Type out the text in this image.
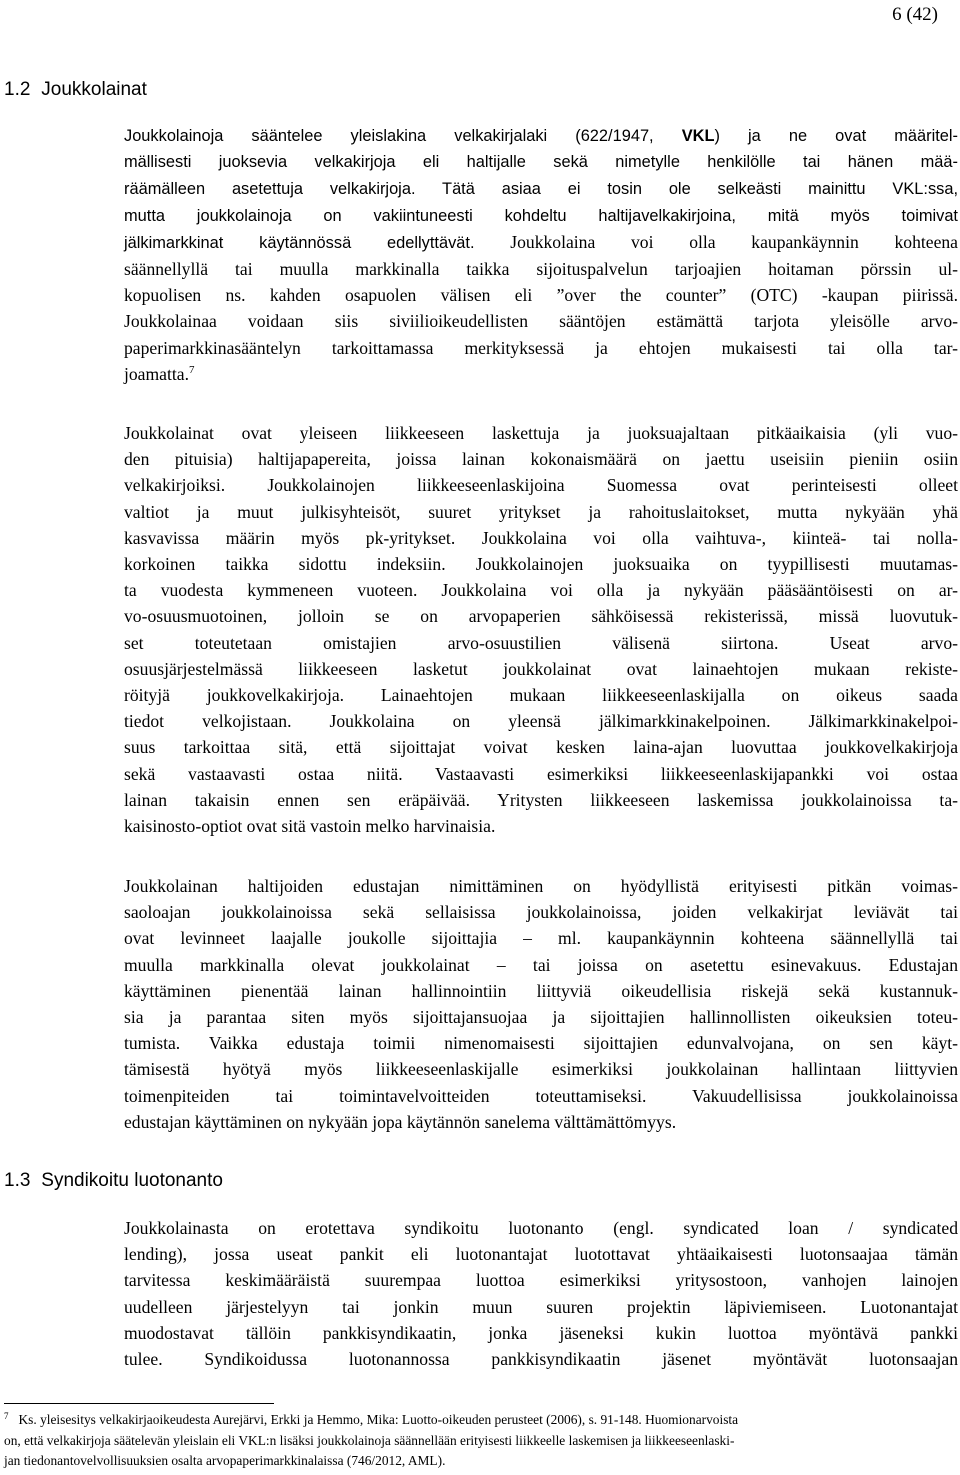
6 (42)
1.2 Joukkolainat
Joukkolainoja sääntelee yleislakina velkakirjalaki (622/1947, VKL) ja ne ovat määritel-
mällisesti juoksevia velkakirjoja eli haltijalle sekä nimetylle henkilölle tai hänen mää-
räämälleen asetettuja velkakirjoja. Tätä asiaa ei tosin ole selkeästi mainittu VKL:ssa,
mutta joukkolainoja on vakiintuneesti kohdeltu haltijavelkakirjoina, mitä myös toimivat
jälkimarkkinat käytännössä edellyttävät. Joukkolaina voi olla kaupankäynnin kohteena
säännellyllä tai muulla markkinalla taikka sijoituspalvelun tarjoajien hoitaman pörssin ul-
kopuolisen ns. kahden osapuolen välisen eli ”over the counter” (OTC) -kaupan piirissä.
Joukkolainaa voidaan siis siviilioikeudellisten sääntöjen estämättä tarjota yleisölle arvo-
paperimarkkinasääntelyn tarkoittamassa merkityksessä ja ehtojen mukaisesti tai olla tar-
joamatta.$^7$
Joukkolainat ovat yleiseen liikkeeseen laskettuja ja juoksuajaltaan pitkäaikaisia (yli vuo-
den pituisia) haltijapapereita, joissa lainan kokonaismäärä on jaettu useisiin pieniin osiin
velkakirjoiksi. Joukkolainojen liikkeeseenlaskijoina Suomessa ovat perinteisesti olleet
valtiot ja muut julkisyhteisöt, suuret yritykset ja rahoituslaitokset, mutta nykyään yhä
kasvavissa määrin myös pk-yritykset. Joukkolaina voi olla vaihtuva-, kiinteä- tai nolla-
korkoinen taikka sidottu indeksiin. Joukkolainojen juoksuaika on tyypillisesti muutamas-
ta vuodesta kymmeneen vuoteen. Joukkolaina voi olla ja nykyään pääsääntöisesti on ar-
vo-osuusmuotoinen, jolloin se on arvopaperien sähköisessä rekisterissä, missä luovutuk-
set toteutetaan omistajien arvo-osuustilien välisenä siirtona. Useat arvo-
osuusjärjestelmässä liikkeeseen lasketut joukkolainat ovat lainaehtojen mukaan rekiste-
röityjä joukkovelkakirjoja. Lainaehtojen mukaan liikkeeseenlaskijalla on oikeus saada
tiedot velkojistaan. Joukkolaina on yleensä jälkimarkkinakelpoinen. Jälkimarkkinakelpoi-
suus tarkoittaa sitä, että sijoittajat voivat kesken laina-ajan luovuttaa joukkovelkakirjoja
sekä vastaavasti ostaa niitä. Vastaavasti esimerkiksi liikkeeseenlaskijapankki voi ostaa
lainan takaisin ennen sen eräpäivää. Yritysten liikkeeseen laskemissa joukkolainoissa ta-
kaisinosto-optiot ovat sitä vastoin melko harvinaisia.
Joukkolainan haltijoiden edustajan nimittäminen on hyödyllistä erityisesti pitkän voimas-
saoloajan joukkolainoissa sekä sellaisissa joukkolainoissa, joiden velkakirjat leviävät tai
ovat levinneet laajalle joukolle sijoittajia – ml. kaupankäynnin kohteena säännellyllä tai
muulla markkinalla olevat joukkolainat – tai joissa on asetettu esinevakuus. Edustajan
käyttäminen pienentää lainan hallinnointiin liittyviä oikeudellisia riskejä sekä kustannuk-
sia ja parantaa siten myös sijoittajansuojaa ja sijoittajien hallinnollisten oikeuksien toteu-
tumista. Vaikka edustaja toimii nimenomaisesti sijoittajien edunvalvojana, on sen käyt-
tämisestä hyötyä myös liikkeeseenlaskijalle esimerkiksi joukkolainan hallintaan liittyvien
toimenpiteiden tai toimintavelvoitteiden toteuttamiseksi. Vakuudellisissa joukkolainoissa
edustajan käyttäminen on nykyään jopa käytännön sanelema välttämättömyys.
1.3 Syndikoitu luotonanto
Joukkolainasta on erotettava syndikoitu luotonanto (engl. syndicated loan / syndicated
lending), jossa useat pankit eli luotonantajat luotottavat yhtäaikaisesti luotonsaajaa tämän
tarvitessa keskimääräistä suurempaa luottoa esimerkiksi yritysostoon, vanhojen lainojen
uudelleen järjestelyyn tai jonkin muun suuren projektin läpiviemiseen. Luotonantajat
muodostavat tällöin pankkisyndikaatin, jonka jäseneksi kukin luottoa myöntävä pankki
tulee. Syndikoidussa luotonannossa pankkisyndikaatin jäsenet myöntävät luotonsaajan
$^7$ Ks. yleisesitys velkakirjaoikeudesta Aurejärvi, Erkki ja Hemmo, Mika: Luotto-oikeuden perusteet (2006), s. 91-148. Huomionarvoista
on, että velkakirjoja säätelevän yleislain eli VKL:n lisäksi joukkolainoja säännellään erityisesti liikkeelle laskemisen ja liikkeeseenlaski-
jan tiedonantovelvollisuuksien osalta arvopaperimarkkinalaissa (746/2012, AML).
